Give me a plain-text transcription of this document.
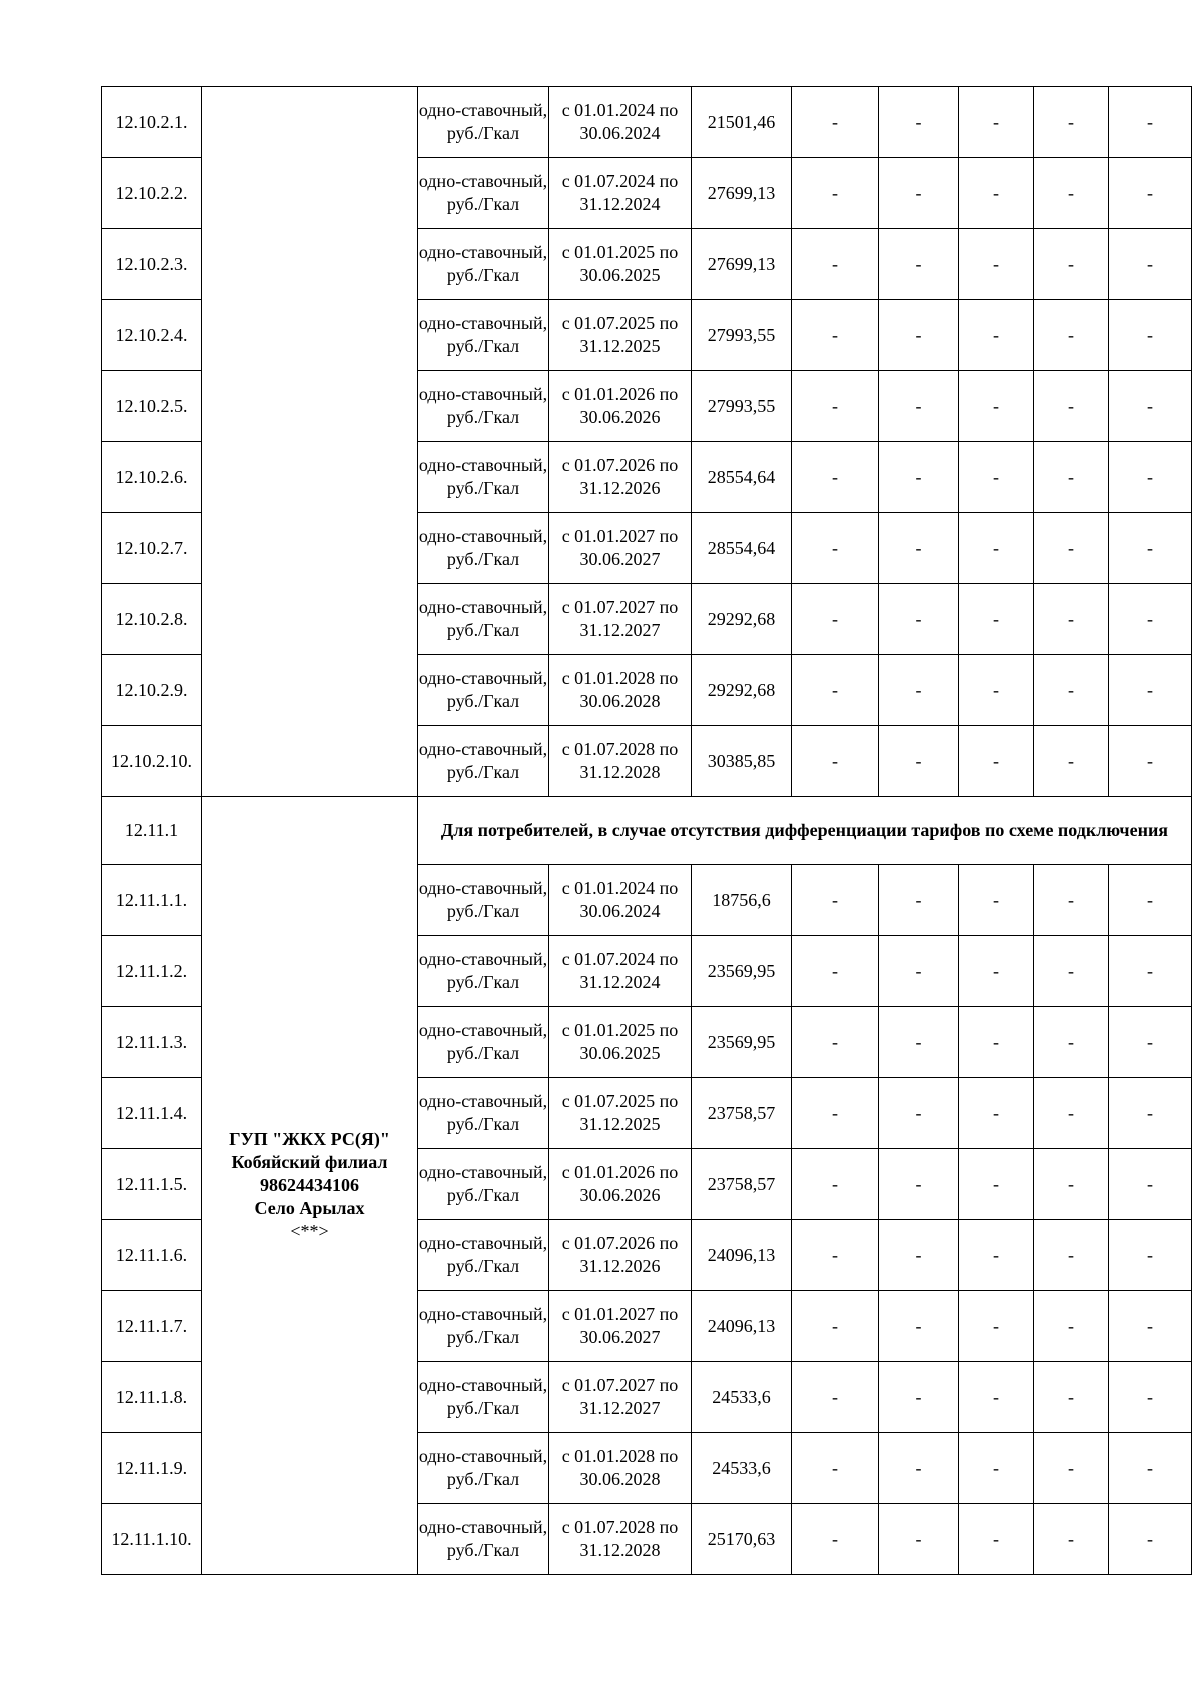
12.10.2.1.		одно-ставочный, руб./Гкал	с 01.01.2024 по 30.06.2024	21501,46	-	-	-	-	-
12.10.2.2.		одно-ставочный, руб./Гкал	с 01.07.2024 по 31.12.2024	27699,13	-	-	-	-	-
12.10.2.3.		одно-ставочный, руб./Гкал	с 01.01.2025 по 30.06.2025	27699,13	-	-	-	-	-
12.10.2.4.		одно-ставочный, руб./Гкал	с 01.07.2025 по 31.12.2025	27993,55	-	-	-	-	-
12.10.2.5.		одно-ставочный, руб./Гкал	с 01.01.2026 по 30.06.2026	27993,55	-	-	-	-	-
12.10.2.6.		одно-ставочный, руб./Гкал	с 01.07.2026 по 31.12.2026	28554,64	-	-	-	-	-
12.10.2.7.		одно-ставочный, руб./Гкал	с 01.01.2027 по 30.06.2027	28554,64	-	-	-	-	-
12.10.2.8.		одно-ставочный, руб./Гкал	с 01.07.2027 по 31.12.2027	29292,68	-	-	-	-	-
12.10.2.9.		одно-ставочный, руб./Гкал	с 01.01.2028 по 30.06.2028	29292,68	-	-	-	-	-
12.10.2.10.		одно-ставочный, руб./Гкал	с 01.07.2028 по 31.12.2028	30385,85	-	-	-	-	-
12.11.1	ГУП "ЖКХ РС(Я)"
Кобяйский филиал
98624434106
Село Арылах
<**>	Для потребителей, в случае отсутствия дифференциации тарифов по схеме подключения							
12.11.1.1.		одно-ставочный, руб./Гкал	с 01.01.2024 по 30.06.2024	18756,6	-	-	-	-	-
12.11.1.2.		одно-ставочный, руб./Гкал	с 01.07.2024 по 31.12.2024	23569,95	-	-	-	-	-
12.11.1.3.		одно-ставочный, руб./Гкал	с 01.01.2025 по 30.06.2025	23569,95	-	-	-	-	-
12.11.1.4.		одно-ставочный, руб./Гкал	с 01.07.2025 по 31.12.2025	23758,57	-	-	-	-	-
12.11.1.5.		одно-ставочный, руб./Гкал	с 01.01.2026 по 30.06.2026	23758,57	-	-	-	-	-
12.11.1.6.		одно-ставочный, руб./Гкал	с 01.07.2026 по 31.12.2026	24096,13	-	-	-	-	-
12.11.1.7.		одно-ставочный, руб./Гкал	с 01.01.2027 по 30.06.2027	24096,13	-	-	-	-	-
12.11.1.8.		одно-ставочный, руб./Гкал	с 01.07.2027 по 31.12.2027	24533,6	-	-	-	-	-
12.11.1.9.		одно-ставочный, руб./Гкал	с 01.01.2028 по 30.06.2028	24533,6	-	-	-	-	-
12.11.1.10.		одно-ставочный, руб./Гкал	с 01.07.2028 по 31.12.2028	25170,63	-	-	-	-	-
